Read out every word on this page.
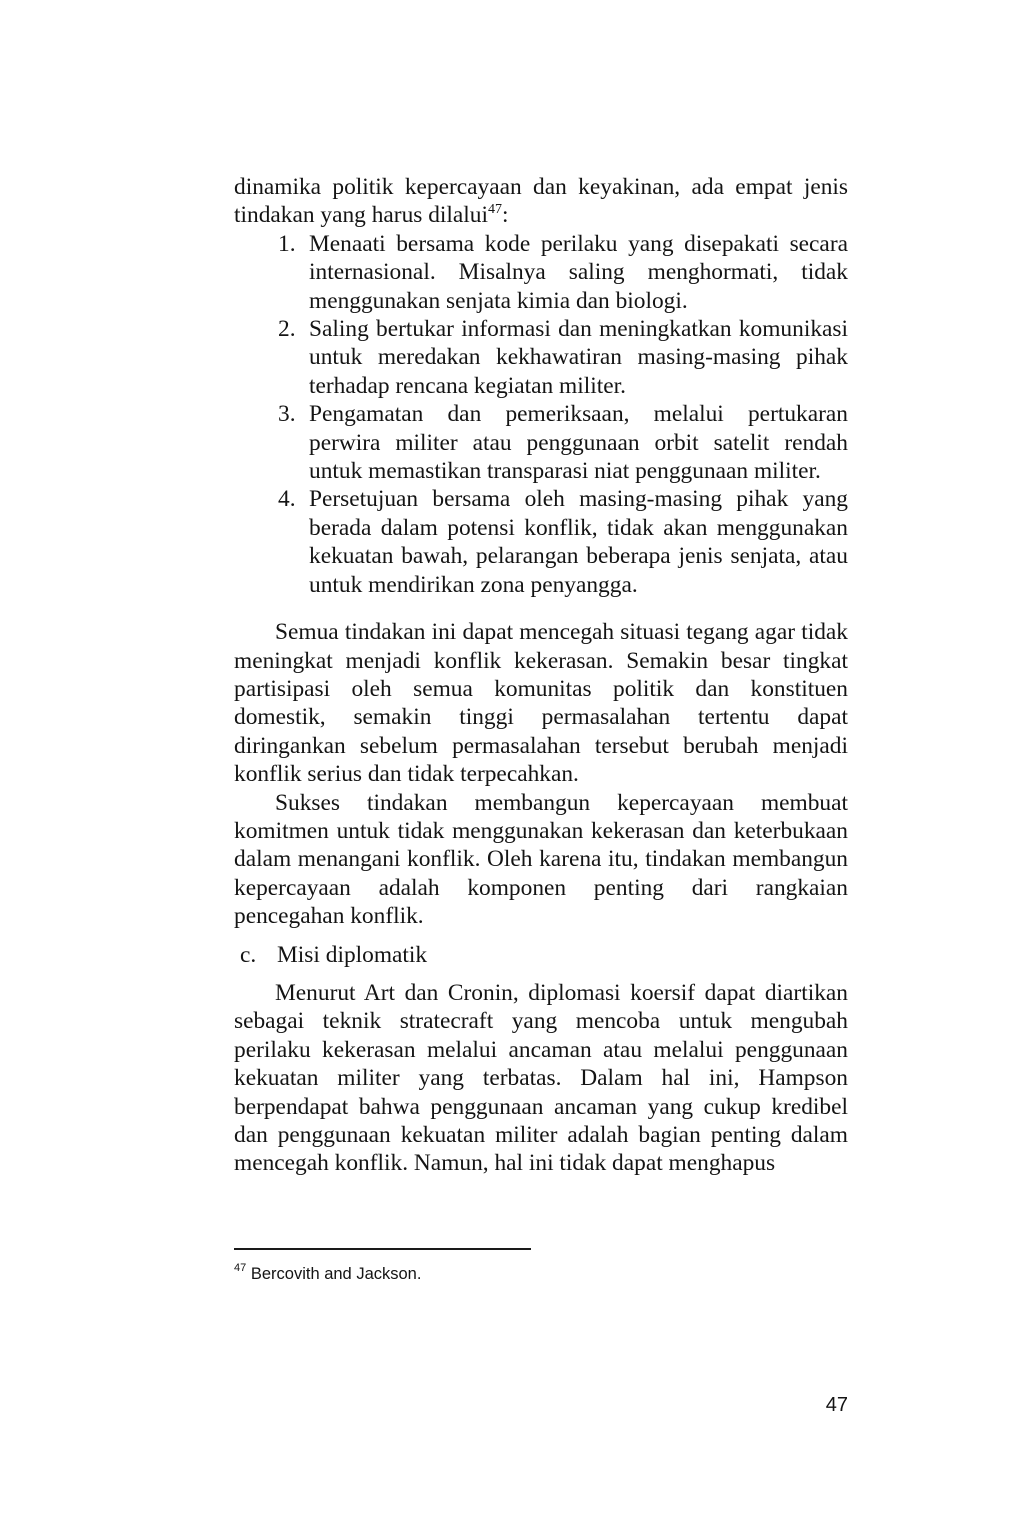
dinamika politik kepercayaan dan keyakinan, ada empat jenis tindakan yang harus dilalui$^{47}$:

1. Menaati bersama kode perilaku yang disepakati secara internasional. Misalnya saling menghormati, tidak menggunakan senjata kimia dan biologi.
2. Saling bertukar informasi dan meningkatkan komunikasi untuk meredakan kekhawatiran masing-masing pihak terhadap rencana kegiatan militer.
3. Pengamatan dan pemeriksaan, melalui pertukaran perwira militer atau penggunaan orbit satelit rendah untuk memastikan transparasi niat penggunaan militer.
4. Persetujuan bersama oleh masing-masing pihak yang berada dalam potensi konflik, tidak akan menggunakan kekuatan bawah, pelarangan beberapa jenis senjata, atau untuk mendirikan zona penyangga.

Semua tindakan ini dapat mencegah situasi tegang agar tidak meningkat menjadi konflik kekerasan. Semakin besar tingkat partisipasi oleh semua komunitas politik dan konstituen domestik, semakin tinggi permasalahan tertentu dapat diringankan sebelum permasalahan tersebut berubah menjadi konflik serius dan tidak terpecahkan.

Sukses tindakan membangun kepercayaan membuat komitmen untuk tidak menggunakan kekerasan dan keterbukaan dalam menangani konflik. Oleh karena itu, tindakan membangun kepercayaan adalah komponen penting dari rangkaian pencegahan konflik.

c. Misi diplomatik

Menurut Art dan Cronin, diplomasi koersif dapat diartikan sebagai teknik stratecraft yang mencoba untuk mengubah perilaku kekerasan melalui ancaman atau melalui penggunaan kekuatan militer yang terbatas. Dalam hal ini, Hampson berpendapat bahwa penggunaan ancaman yang cukup kredibel dan penggunaan kekuatan militer adalah bagian penting dalam mencegah konflik. Namun, hal ini tidak dapat menghapus

$^{47}$ Bercovith and Jackson.
47
